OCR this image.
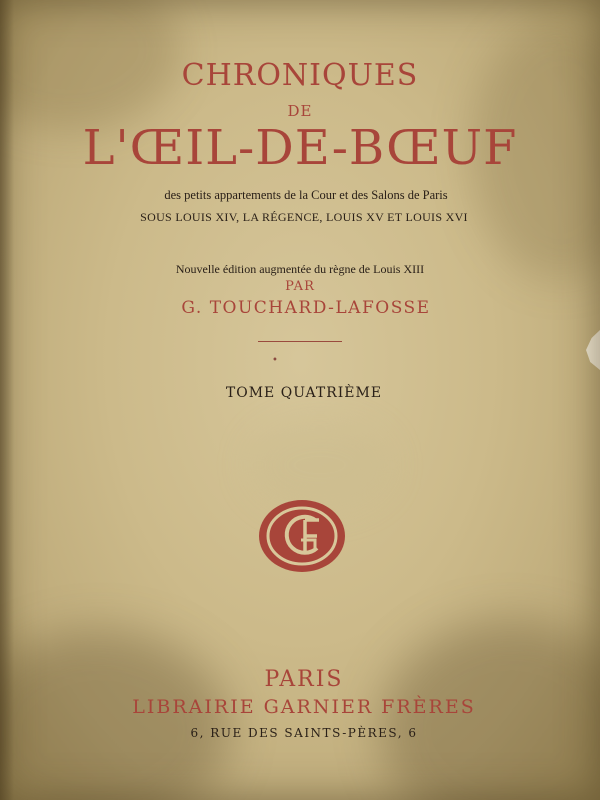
CHRONIQUES
DE
L'ŒIL-DE-BŒUF
des petits appartements de la Cour et des Salons de Paris
SOUS LOUIS XIV, LA RÉGENCE, LOUIS XV ET LOUIS XVI
Nouvelle édition augmentée du règne de Louis XIII
PAR
G. TOUCHARD-LAFOSSE
•
TOME QUATRIÈME
PARIS
LIBRAIRIE GARNIER FRÈRES
6, RUE DES SAINTS-PÈRES, 6
